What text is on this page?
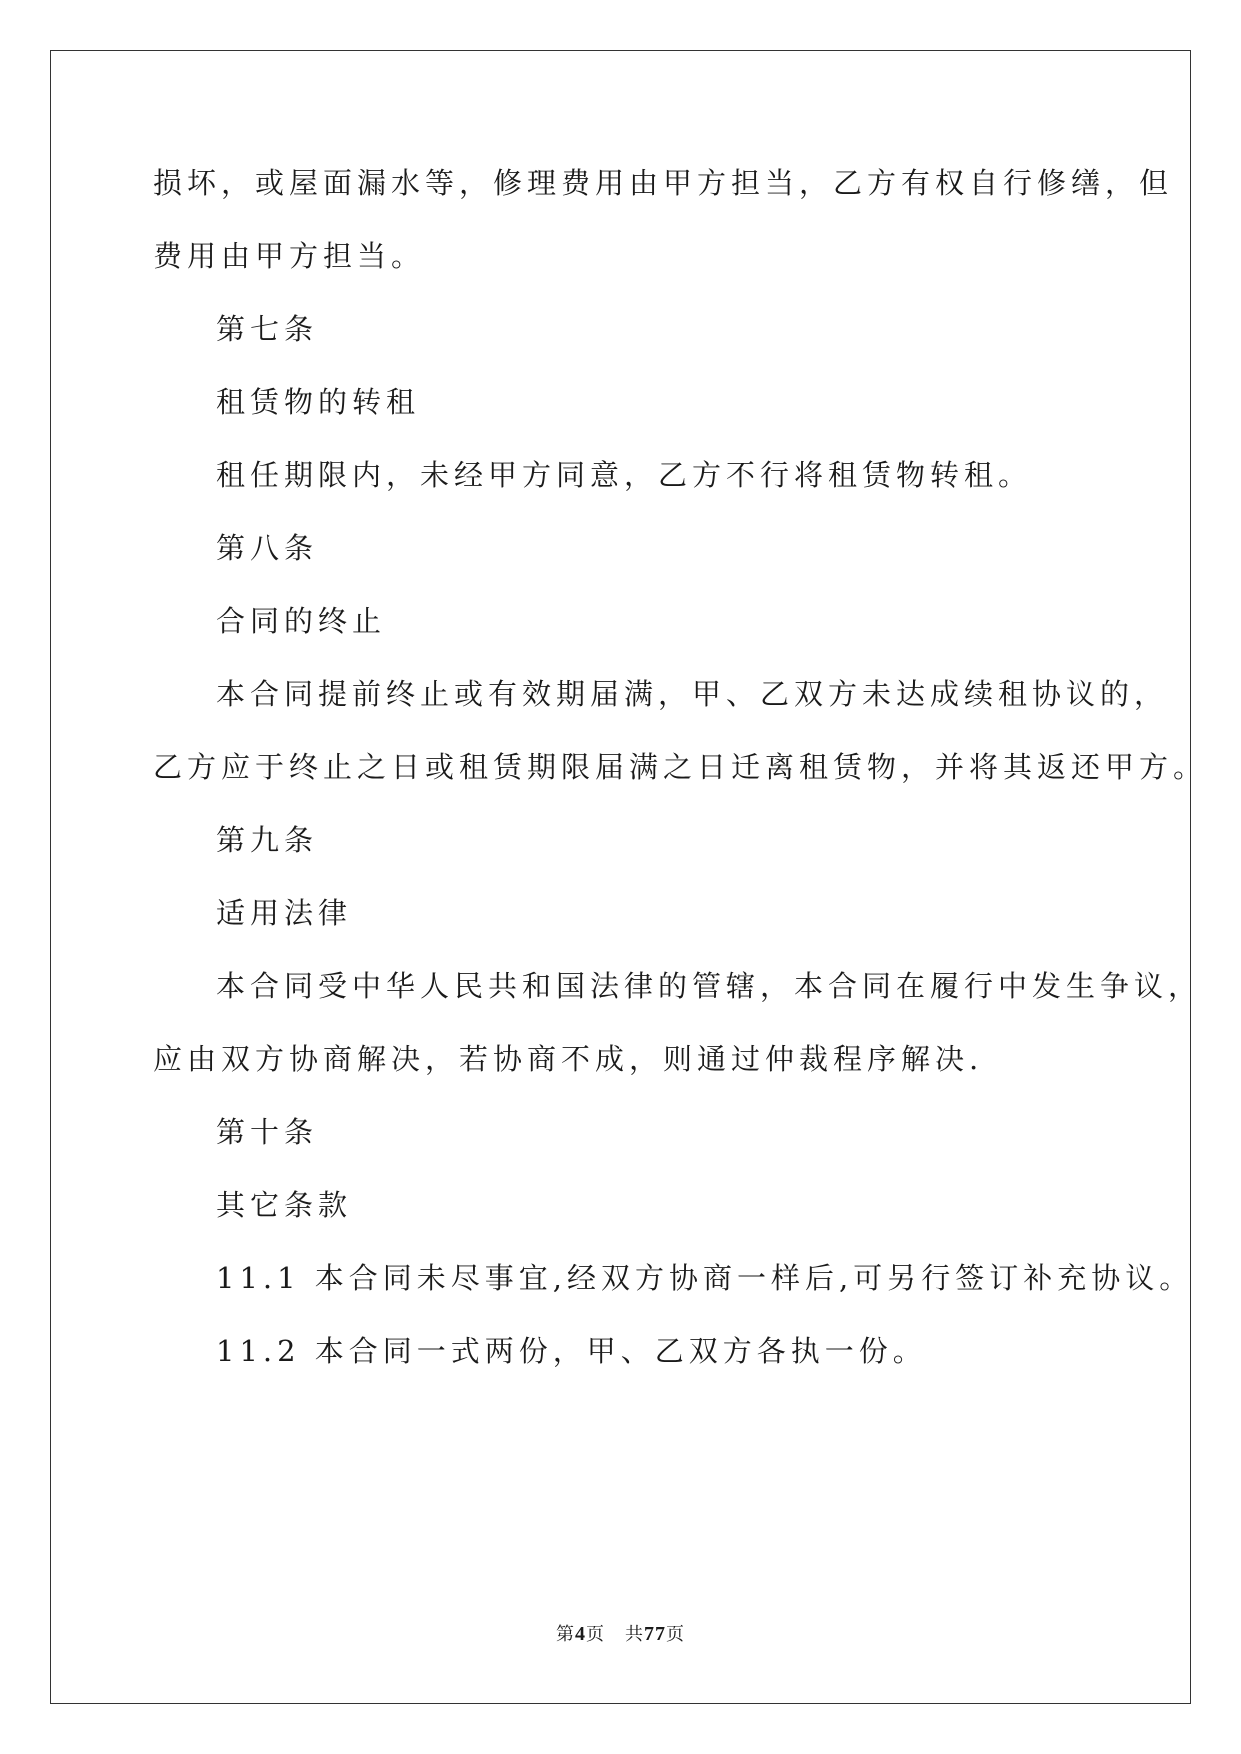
损坏，或屋面漏水等，修理费用由甲方担当，乙方有权自行修缮，但
费用由甲方担当。
第七条
租赁物的转租
租任期限内，未经甲方同意，乙方不行将租赁物转租。
第八条
合同的终止
本合同提前终止或有效期届满，甲、乙双方未达成续租协议的，
乙方应于终止之日或租赁期限届满之日迁离租赁物，并将其返还甲方。
第九条
适用法律
本合同受中华人民共和国法律的管辖，本合同在履行中发生争议，
应由双方协商解决，若协商不成，则通过仲裁程序解决.
第十条
其它条款
11.1 本合同未尽事宜,经双方协商一样后,可另行签订补充协议。
11.2 本合同一式两份，甲、乙双方各执一份。
第4页 共77页
